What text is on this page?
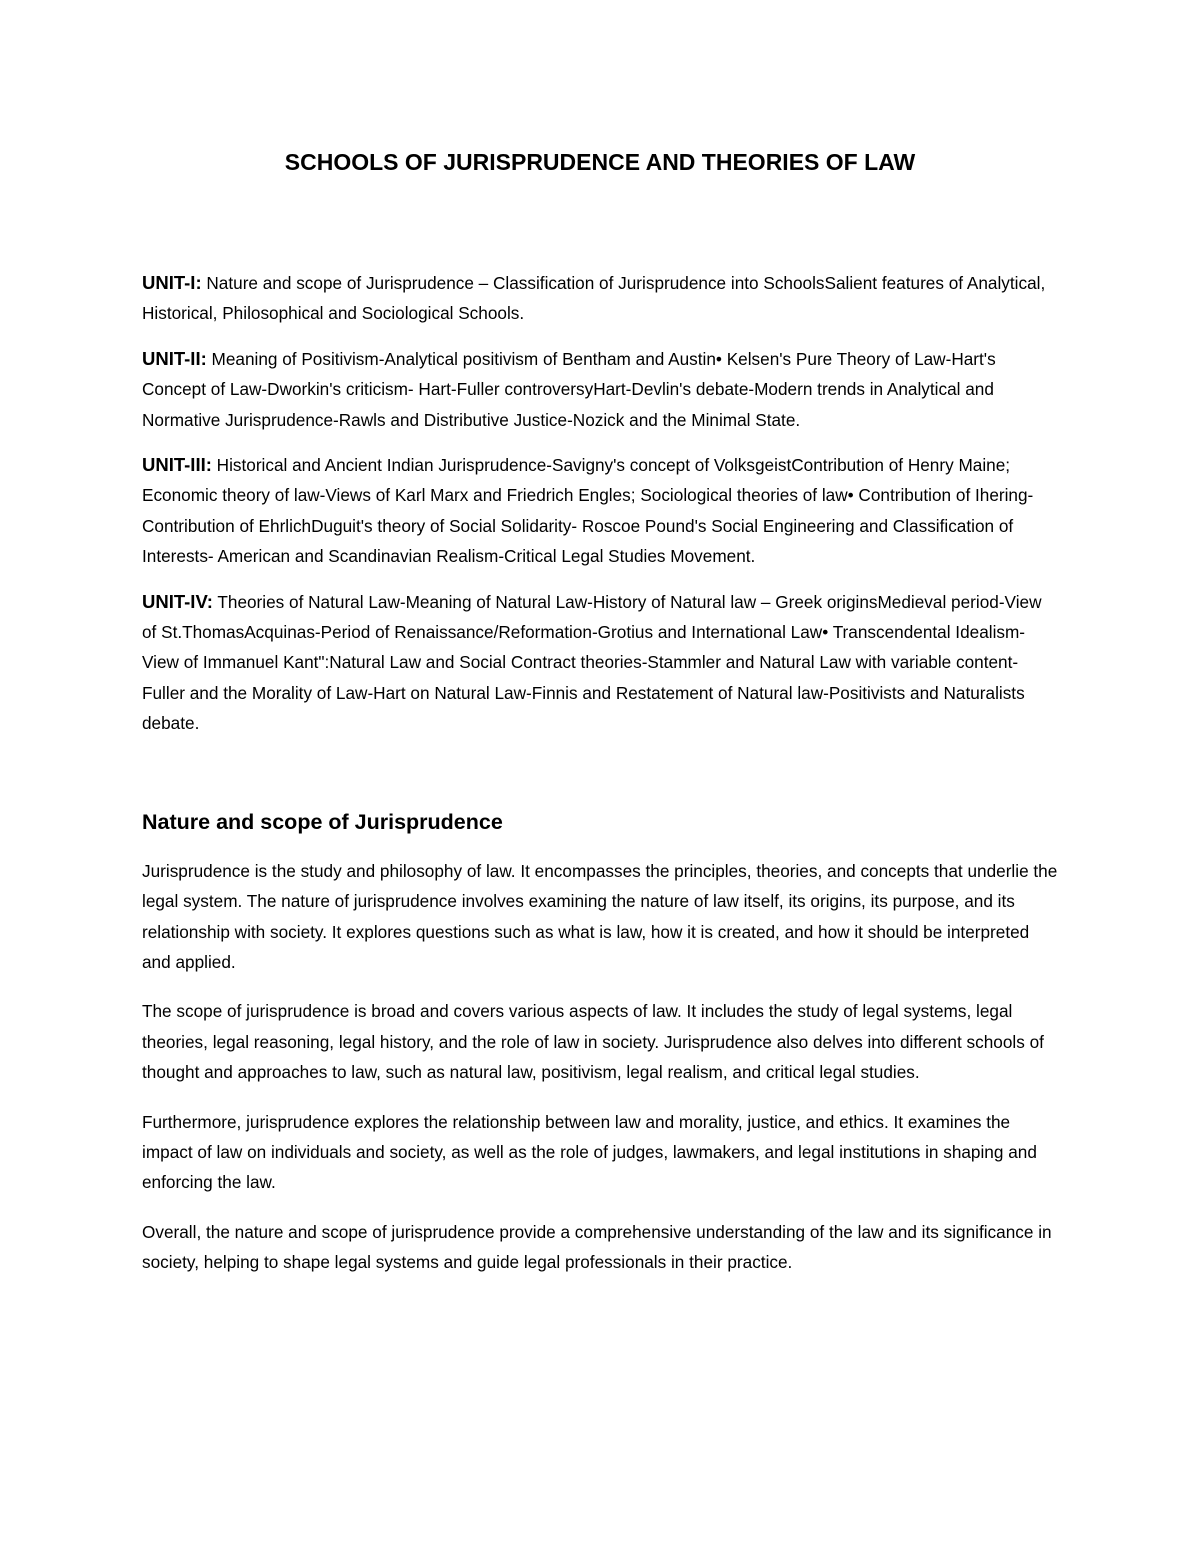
SCHOOLS OF JURISPRUDENCE AND THEORIES OF LAW

UNIT-I: Nature and scope of Jurisprudence – Classification of Jurisprudence into SchoolsSalient features of Analytical, Historical, Philosophical and Sociological Schools.

UNIT-II: Meaning of Positivism-Analytical positivism of Bentham and Austin• Kelsen's Pure Theory of Law-Hart's Concept of Law-Dworkin's criticism- Hart-Fuller controversyHart-Devlin's debate-Modern trends in Analytical and Normative Jurisprudence-Rawls and Distributive Justice-Nozick and the Minimal State.

UNIT-III: Historical and Ancient Indian Jurisprudence-Savigny's concept of VolksgeistContribution of Henry Maine; Economic theory of law-Views of Karl Marx and Friedrich Engles; Sociological theories of law• Contribution of Ihering-Contribution of EhrlichDuguit's theory of Social Solidarity- Roscoe Pound's Social Engineering and Classification of Interests- American and Scandinavian Realism-Critical Legal Studies Movement.

UNIT-IV: Theories of Natural Law-Meaning of Natural Law-History of Natural law – Greek originsMedieval period-View of St.ThomasAcquinas-Period of Renaissance/Reformation-Grotius and International Law• Transcendental Idealism-View of Immanuel Kant":Natural Law and Social Contract theories-Stammler and Natural Law with variable content-Fuller and the Morality of Law-Hart on Natural Law-Finnis and Restatement of Natural law-Positivists and Naturalists debate.

Nature and scope of Jurisprudence

Jurisprudence is the study and philosophy of law. It encompasses the principles, theories, and concepts that underlie the legal system. The nature of jurisprudence involves examining the nature of law itself, its origins, its purpose, and its relationship with society. It explores questions such as what is law, how it is created, and how it should be interpreted and applied.

The scope of jurisprudence is broad and covers various aspects of law. It includes the study of legal systems, legal theories, legal reasoning, legal history, and the role of law in society. Jurisprudence also delves into different schools of thought and approaches to law, such as natural law, positivism, legal realism, and critical legal studies.

Furthermore, jurisprudence explores the relationship between law and morality, justice, and ethics. It examines the impact of law on individuals and society, as well as the role of judges, lawmakers, and legal institutions in shaping and enforcing the law.

Overall, the nature and scope of jurisprudence provide a comprehensive understanding of the law and its significance in society, helping to shape legal systems and guide legal professionals in their practice.
